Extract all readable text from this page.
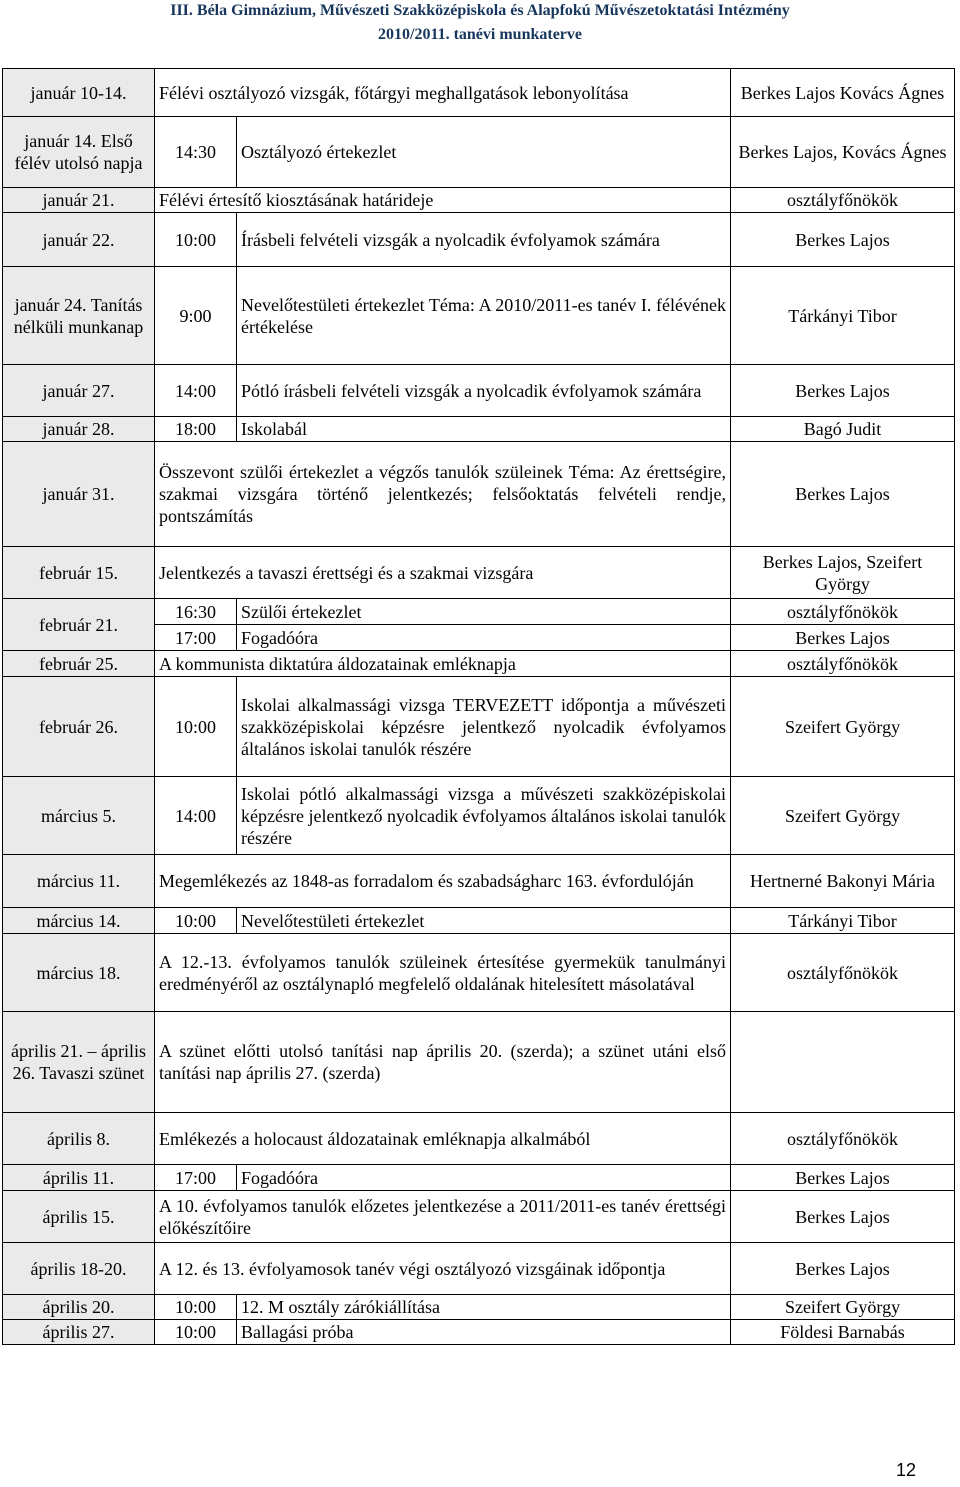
III. Béla Gimnázium, Művészeti Szakközépiskola és Alapfokú Művészetoktatási Intézmény
2010/2011. tanévi munkaterve
január 10-14.	Félévi osztályozó vizsgák, főtárgyi meghallgatások lebonyolítása		Berkes Lajos Kovács Ágnes
január 14. Első félév utolsó napja	14:30	Osztályozó értekezlet	Berkes Lajos, Kovács Ágnes
január 21.	Félévi értesítő kiosztásának határideje		osztályfőnökök
január 22.	10:00	Írásbeli felvételi vizsgák a nyolcadik évfolyamok számára	Berkes Lajos
január 24. Tanítás nélküli munkanap	9:00	Nevelőtestületi értekezlet Téma: A 2010/2011-es tanév I. félévének értékelése	Tárkányi Tibor
január 27.	14:00	Pótló írásbeli felvételi vizsgák a nyolcadik évfolyamok számára	Berkes Lajos
január 28.	18:00	Iskolabál	Bagó Judit
január 31.	Összevont szülői értekezlet a végzős tanulók szüleinek Téma: Az érettségire, szakmai vizsgára történő jelentkezés; felsőoktatás felvételi rendje, pontszámítás		Berkes Lajos
február 15.	Jelentkezés a tavaszi érettségi és a szakmai vizsgára		Berkes Lajos, Szeifert György
február 21.	16:30	Szülői értekezlet	osztályfőnökök
	17:00	Fogadóóra	Berkes Lajos
február 25.	A kommunista diktatúra áldozatainak emléknapja		osztályfőnökök
február 26.	10:00	Iskolai alkalmassági vizsga TERVEZETT időpontja a művészeti szakközépiskolai képzésre jelentkező nyolcadik évfolyamos általános iskolai tanulók részére	Szeifert György
március 5.	14:00	Iskolai pótló alkalmassági vizsga a művészeti szakközépiskolai képzésre jelentkező nyolcadik évfolyamos általános iskolai tanulók részére	Szeifert György
március 11.	Megemlékezés az 1848-as forradalom és szabadságharc 163. évfordulóján		Hertnerné Bakonyi Mária
március 14.	10:00	Nevelőtestületi értekezlet	Tárkányi Tibor
március 18.	A 12.-13. évfolyamos tanulók szüleinek értesítése gyermekük tanulmányi eredményéről az osztálynapló megfelelő oldalának hitelesített másolatával		osztályfőnökök
április 21. – április 26. Tavaszi szünet	A szünet előtti utolsó tanítási nap április 20. (szerda); a szünet utáni első tanítási nap április 27. (szerda)		
április 8.	Emlékezés a holocaust áldozatainak emléknapja alkalmából		osztályfőnökök
április 11.	17:00	Fogadóóra	Berkes Lajos
április 15.	A 10. évfolyamos tanulók előzetes jelentkezése a 2011/2011-es tanév érettségi előkészítőire		Berkes Lajos
április 18-20.	A 12. és 13. évfolyamosok tanév végi osztályozó vizsgáinak időpontja		Berkes Lajos
április 20.	10:00	12. M osztály zárókiállítása	Szeifert György
április 27.	10:00	Ballagási próba	Földesi Barnabás
12
